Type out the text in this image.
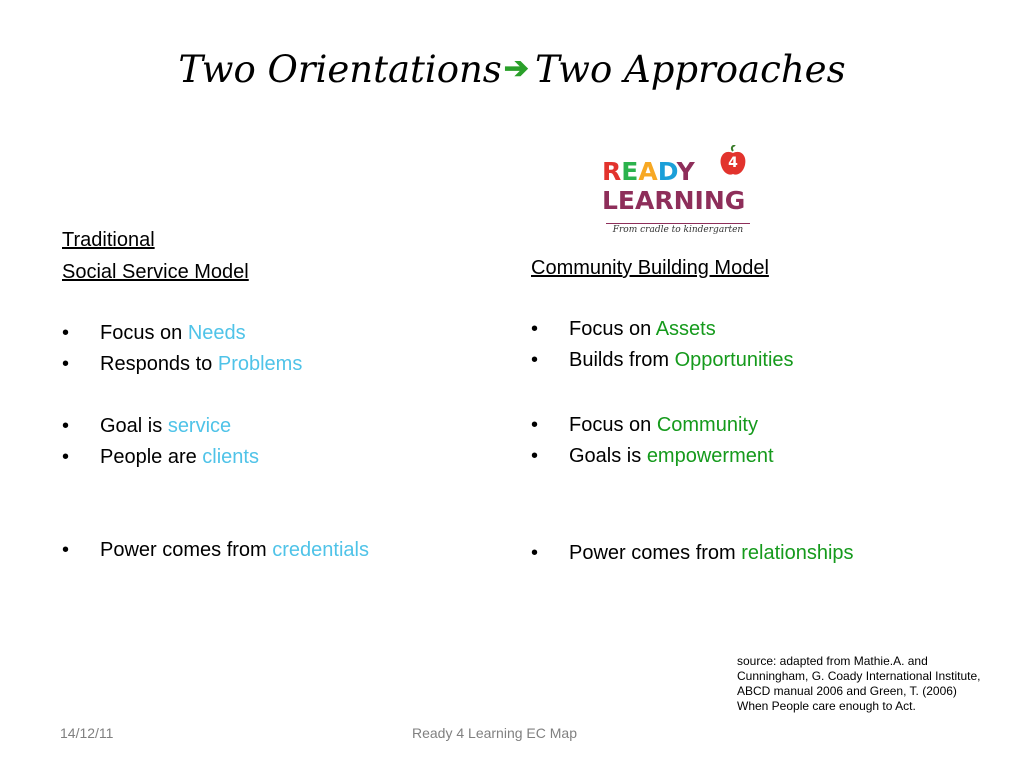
Two Orientations➔ Two Approaches
READY 4
LEARNING
From cradle to kindergarten
Traditional
Social Service Model
• Focus on Needs
• Responds to Problems
• Goal is service
• People are clients
• Power comes from credentials
Community Building Model
• Focus on Assets
• Builds from Opportunities
• Focus on Community
• Goals is empowerment
• Power comes from relationships
source: adapted from Mathie.A. and Cunningham, G. Coady International Institute, ABCD manual 2006 and Green, T. (2006) When People care enough to Act.
14/12/11	Ready 4 Learning EC Map
